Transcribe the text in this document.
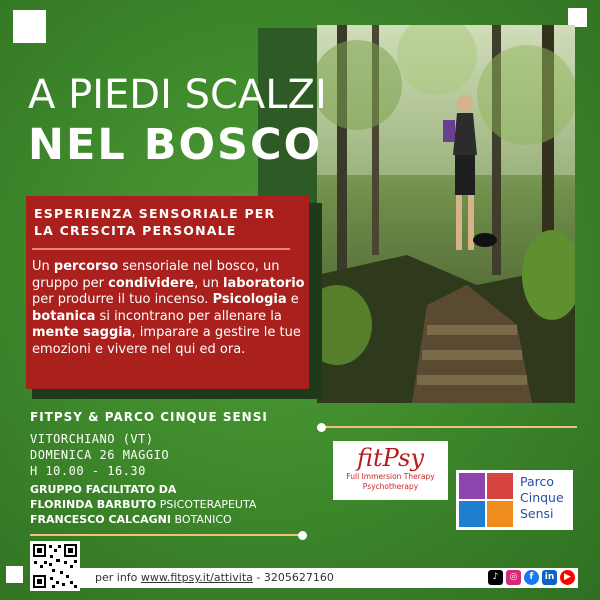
A PIEDI SCALZI
NEL BOSCO
ESPERIENZA SENSORIALE PER
LA CRESCITA PERSONALE
Un percorso sensoriale nel bosco, un gruppo per condividere, un laboratorio per produrre il tuo incenso. Psicologia e botanica si incontrano per allenare la mente saggia, imparare a gestire le tue emozioni e vivere nel qui ed ora.
FITPSY & PARCO CINQUE SENSI
VITORCHIANO (VT)
DOMENICA 26 MAGGIO
H 10.00 - 16.30
GRUPPO FACILITATO DA
FLORINDA BARBUTO PSICOTERAPEUTA
FRANCESCO CALCAGNI BOTANICO
fitPsy
Full Immersion Therapy
Psychotherapy	Parco
Cinque
Sensi
per info www.fitpsy.it/attivita - 3205627160	♪	◎	f	in	▶
